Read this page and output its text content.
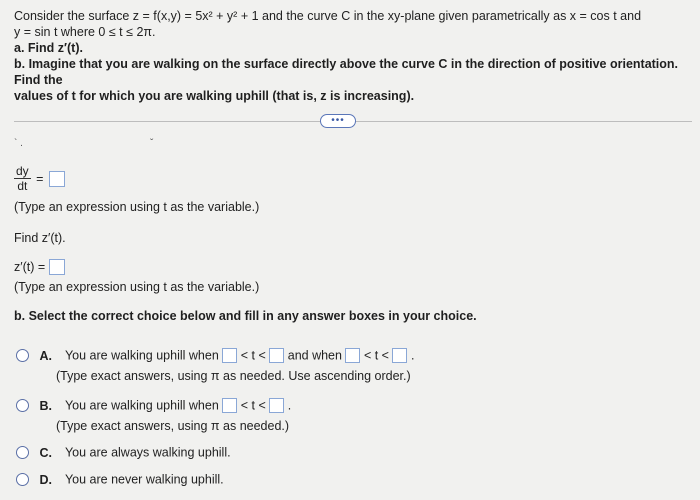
Consider the surface z = f(x,y) = 5x² + y² + 1 and the curve C in the xy-plane given parametrically as x = cos t and

y = sin t where 0 ≤ t ≤ 2π.

a. Find z′(t).

b. Imagine that you are walking on the surface directly above the curve C in the direction of positive orientation. Find the

values of t for which you are walking uphill (that is, z is increasing).

•••
` .	ˇ
$\frac{dy}{dt}$ =
(Type an expression using t as the variable.)
Find z′(t).
z′(t) =
(Type an expression using t as the variable.)
b. Select the correct choice below and fill in any answer boxes in your choice.
A. You are walking uphill when < t < and when < t < .
(Type exact answers, using π as needed. Use ascending order.)
B. You are walking uphill when < t < .
(Type exact answers, using π as needed.)
C. You are always walking uphill.
D. You are never walking uphill.
